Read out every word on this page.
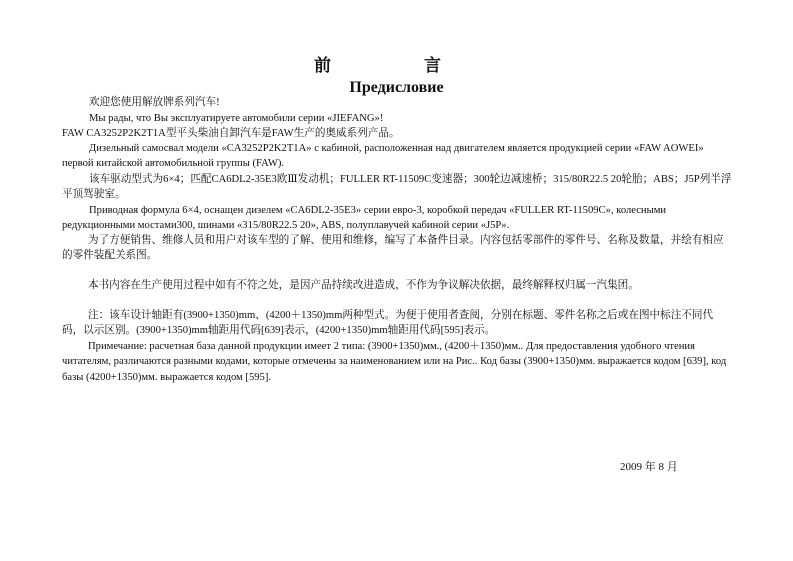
前　言
Предисловие

欢迎您使用解放牌系列汽车!

Мы рады, что Вы эксплуатируете автомобили серии «JIEFANG»!

FAW CA3252P2K2T1A型平头柴油自卸汽车是FAW生产的奥威系列产品。

Дизельный самосвал модели «CA3252P2K2T1A» с кабиной, расположенная над двигателем является продукцией серии «FAW AOWEI» первой китайской автомобильной группы (FAW).

该车驱动型式为6×4；匹配CA6DL2-35E3欧Ⅲ发动机；FULLER RT-11509C变速器；300轮边减速桥；315/80R22.5 20轮胎；ABS；J5P列半浮平顶驾驶室。

Приводная формула 6×4, оснащен дизелем «CA6DL2-35E3» серии евро-3, коробкой передач «FULLER RT-11509C», колесными редукционными мостами300, шинами «315/80R22.5 20», ABS, полуплавучей кабиной серии «J5P».

为了方便销售、维修人员和用户对该车型的了解、使用和维修，编写了本备件目录。内容包括零部件的零件号、名称及数量，并绘有相应的零件装配关系图。

本书内容在生产使用过程中如有不符之处，是因产品持续改进造成，不作为争议解决依据，最终解释权归属一汽集团。

注：该车设计轴距有(3900+1350)mm、(4200＋1350)mm两种型式。为便于使用者查阅，分别在标题、零件名称之后或在图中标注不同代码，以示区别。(3900+1350)mm轴距用代码[639]表示，(4200+1350)mm轴距用代码[595]表示。

Примечание: расчетная база данной продукции имеет 2 типа: (3900+1350)мм., (4200＋1350)мм.. Для предоставления удобного чтения читателям, различаются разными кодами, которые отмечены за наименованием или на Рис.. Код базы (3900+1350)мм. выражается кодом [639], код базы (4200+1350)мм. выражается кодом [595].

2009 年 8 月
